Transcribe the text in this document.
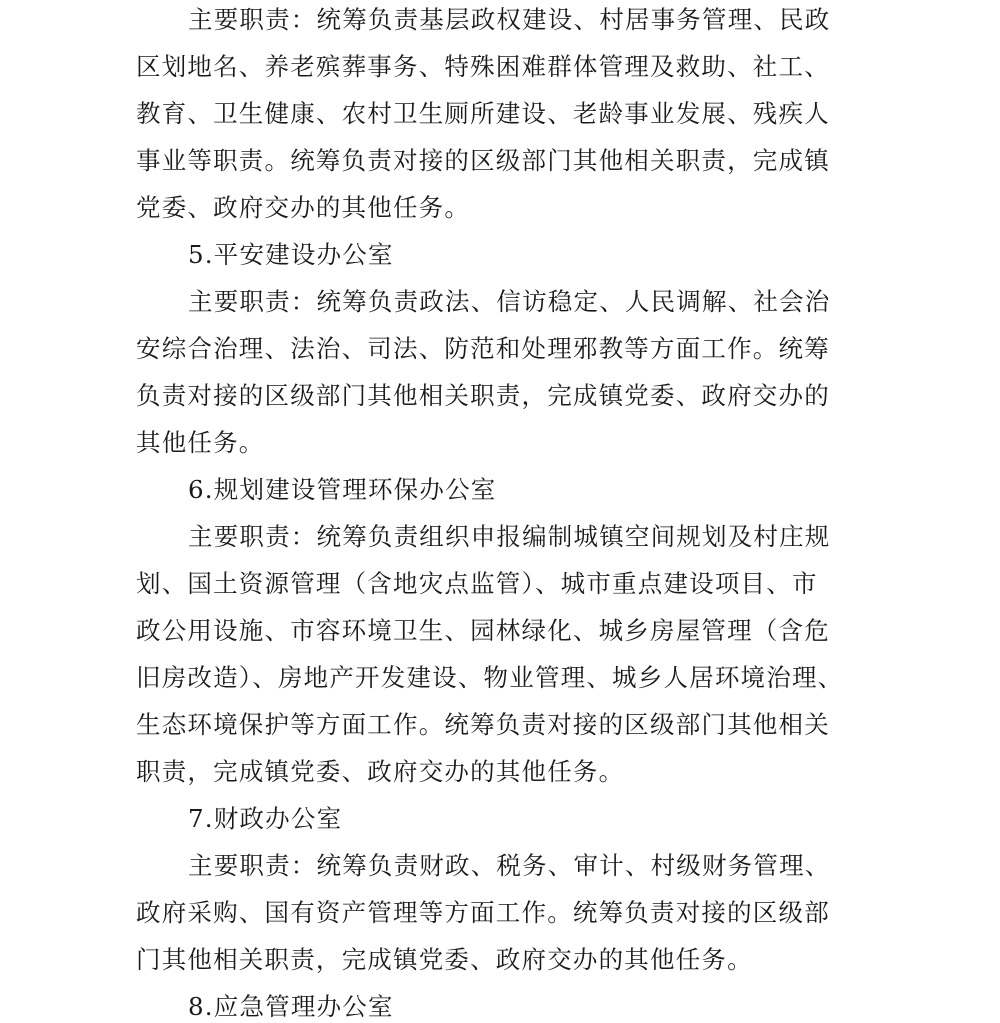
主要职责：统筹负责基层政权建设、村居事务管理、民政
区划地名、养老殡葬事务、特殊困难群体管理及救助、社工、
教育、卫生健康、农村卫生厕所建设、老龄事业发展、残疾人
事业等职责。统筹负责对接的区级部门其他相关职责，完成镇
党委、政府交办的其他任务。
5.平安建设办公室
主要职责：统筹负责政法、信访稳定、人民调解、社会治
安综合治理、法治、司法、防范和处理邪教等方面工作。统筹
负责对接的区级部门其他相关职责，完成镇党委、政府交办的
其他任务。
6.规划建设管理环保办公室
主要职责：统筹负责组织申报编制城镇空间规划及村庄规
划、国土资源管理（含地灾点监管）、城市重点建设项目、市
政公用设施、市容环境卫生、园林绿化、城乡房屋管理（含危
旧房改造）、房地产开发建设、物业管理、城乡人居环境治理、
生态环境保护等方面工作。统筹负责对接的区级部门其他相关
职责，完成镇党委、政府交办的其他任务。
7.财政办公室
主要职责：统筹负责财政、税务、审计、村级财务管理、
政府采购、国有资产管理等方面工作。统筹负责对接的区级部
门其他相关职责，完成镇党委、政府交办的其他任务。
8.应急管理办公室
